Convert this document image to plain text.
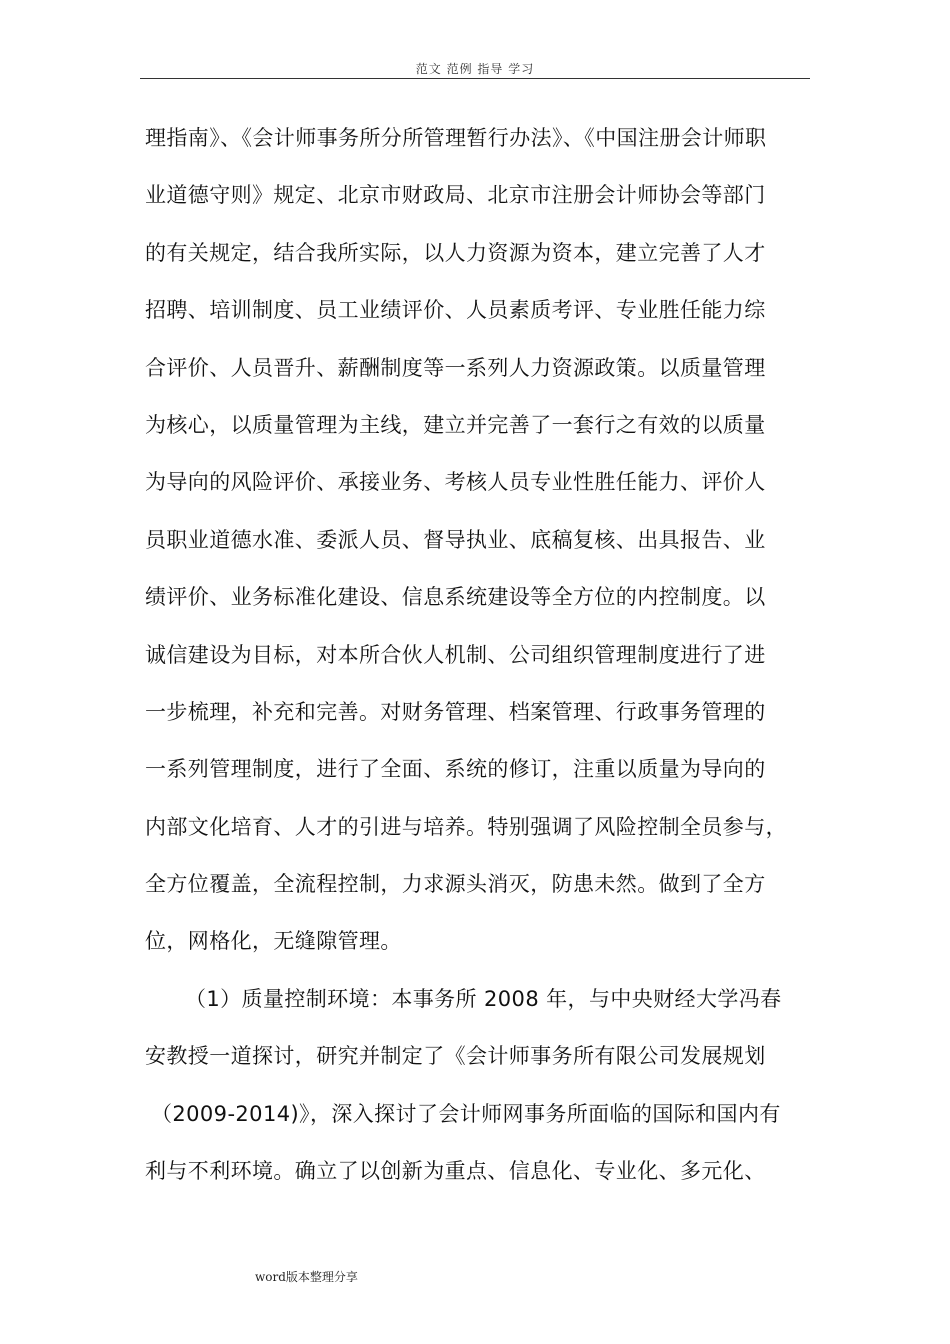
范文 范例 指导 学习
理指南》、《会计师事务所分所管理暂行办法》、《中国注册会计师职
业道德守则》规定、北京市财政局、北京市注册会计师协会等部门
的有关规定，结合我所实际，以人力资源为资本，建立完善了人才
招聘、培训制度、员工业绩评价、人员素质考评、专业胜任能力综
合评价、人员晋升、薪酬制度等一系列人力资源政策。以质量管理
为核心，以质量管理为主线，建立并完善了一套行之有效的以质量
为导向的风险评价、承接业务、考核人员专业性胜任能力、评价人
员职业道德水准、委派人员、督导执业、底稿复核、出具报告、业
绩评价、业务标准化建设、信息系统建设等全方位的内控制度。以
诚信建设为目标，对本所合伙人机制、公司组织管理制度进行了进
一步梳理，补充和完善。对财务管理、档案管理、行政事务管理的
一系列管理制度，进行了全面、系统的修订，注重以质量为导向的
内部文化培育、人才的引进与培养。特别强调了风险控制全员参与，
全方位覆盖，全流程控制，力求源头消灭，防患未然。做到了全方
位，网格化，无缝隙管理。
（1）质量控制环境：本事务所 2008 年，与中央财经大学冯春
安教授一道探讨，研究并制定了《会计师事务所有限公司发展规划
（2009-2014)》，深入探讨了会计师网事务所面临的国际和国内有
利与不利环境。确立了以创新为重点、信息化、专业化、多元化、
word版本整理分享
